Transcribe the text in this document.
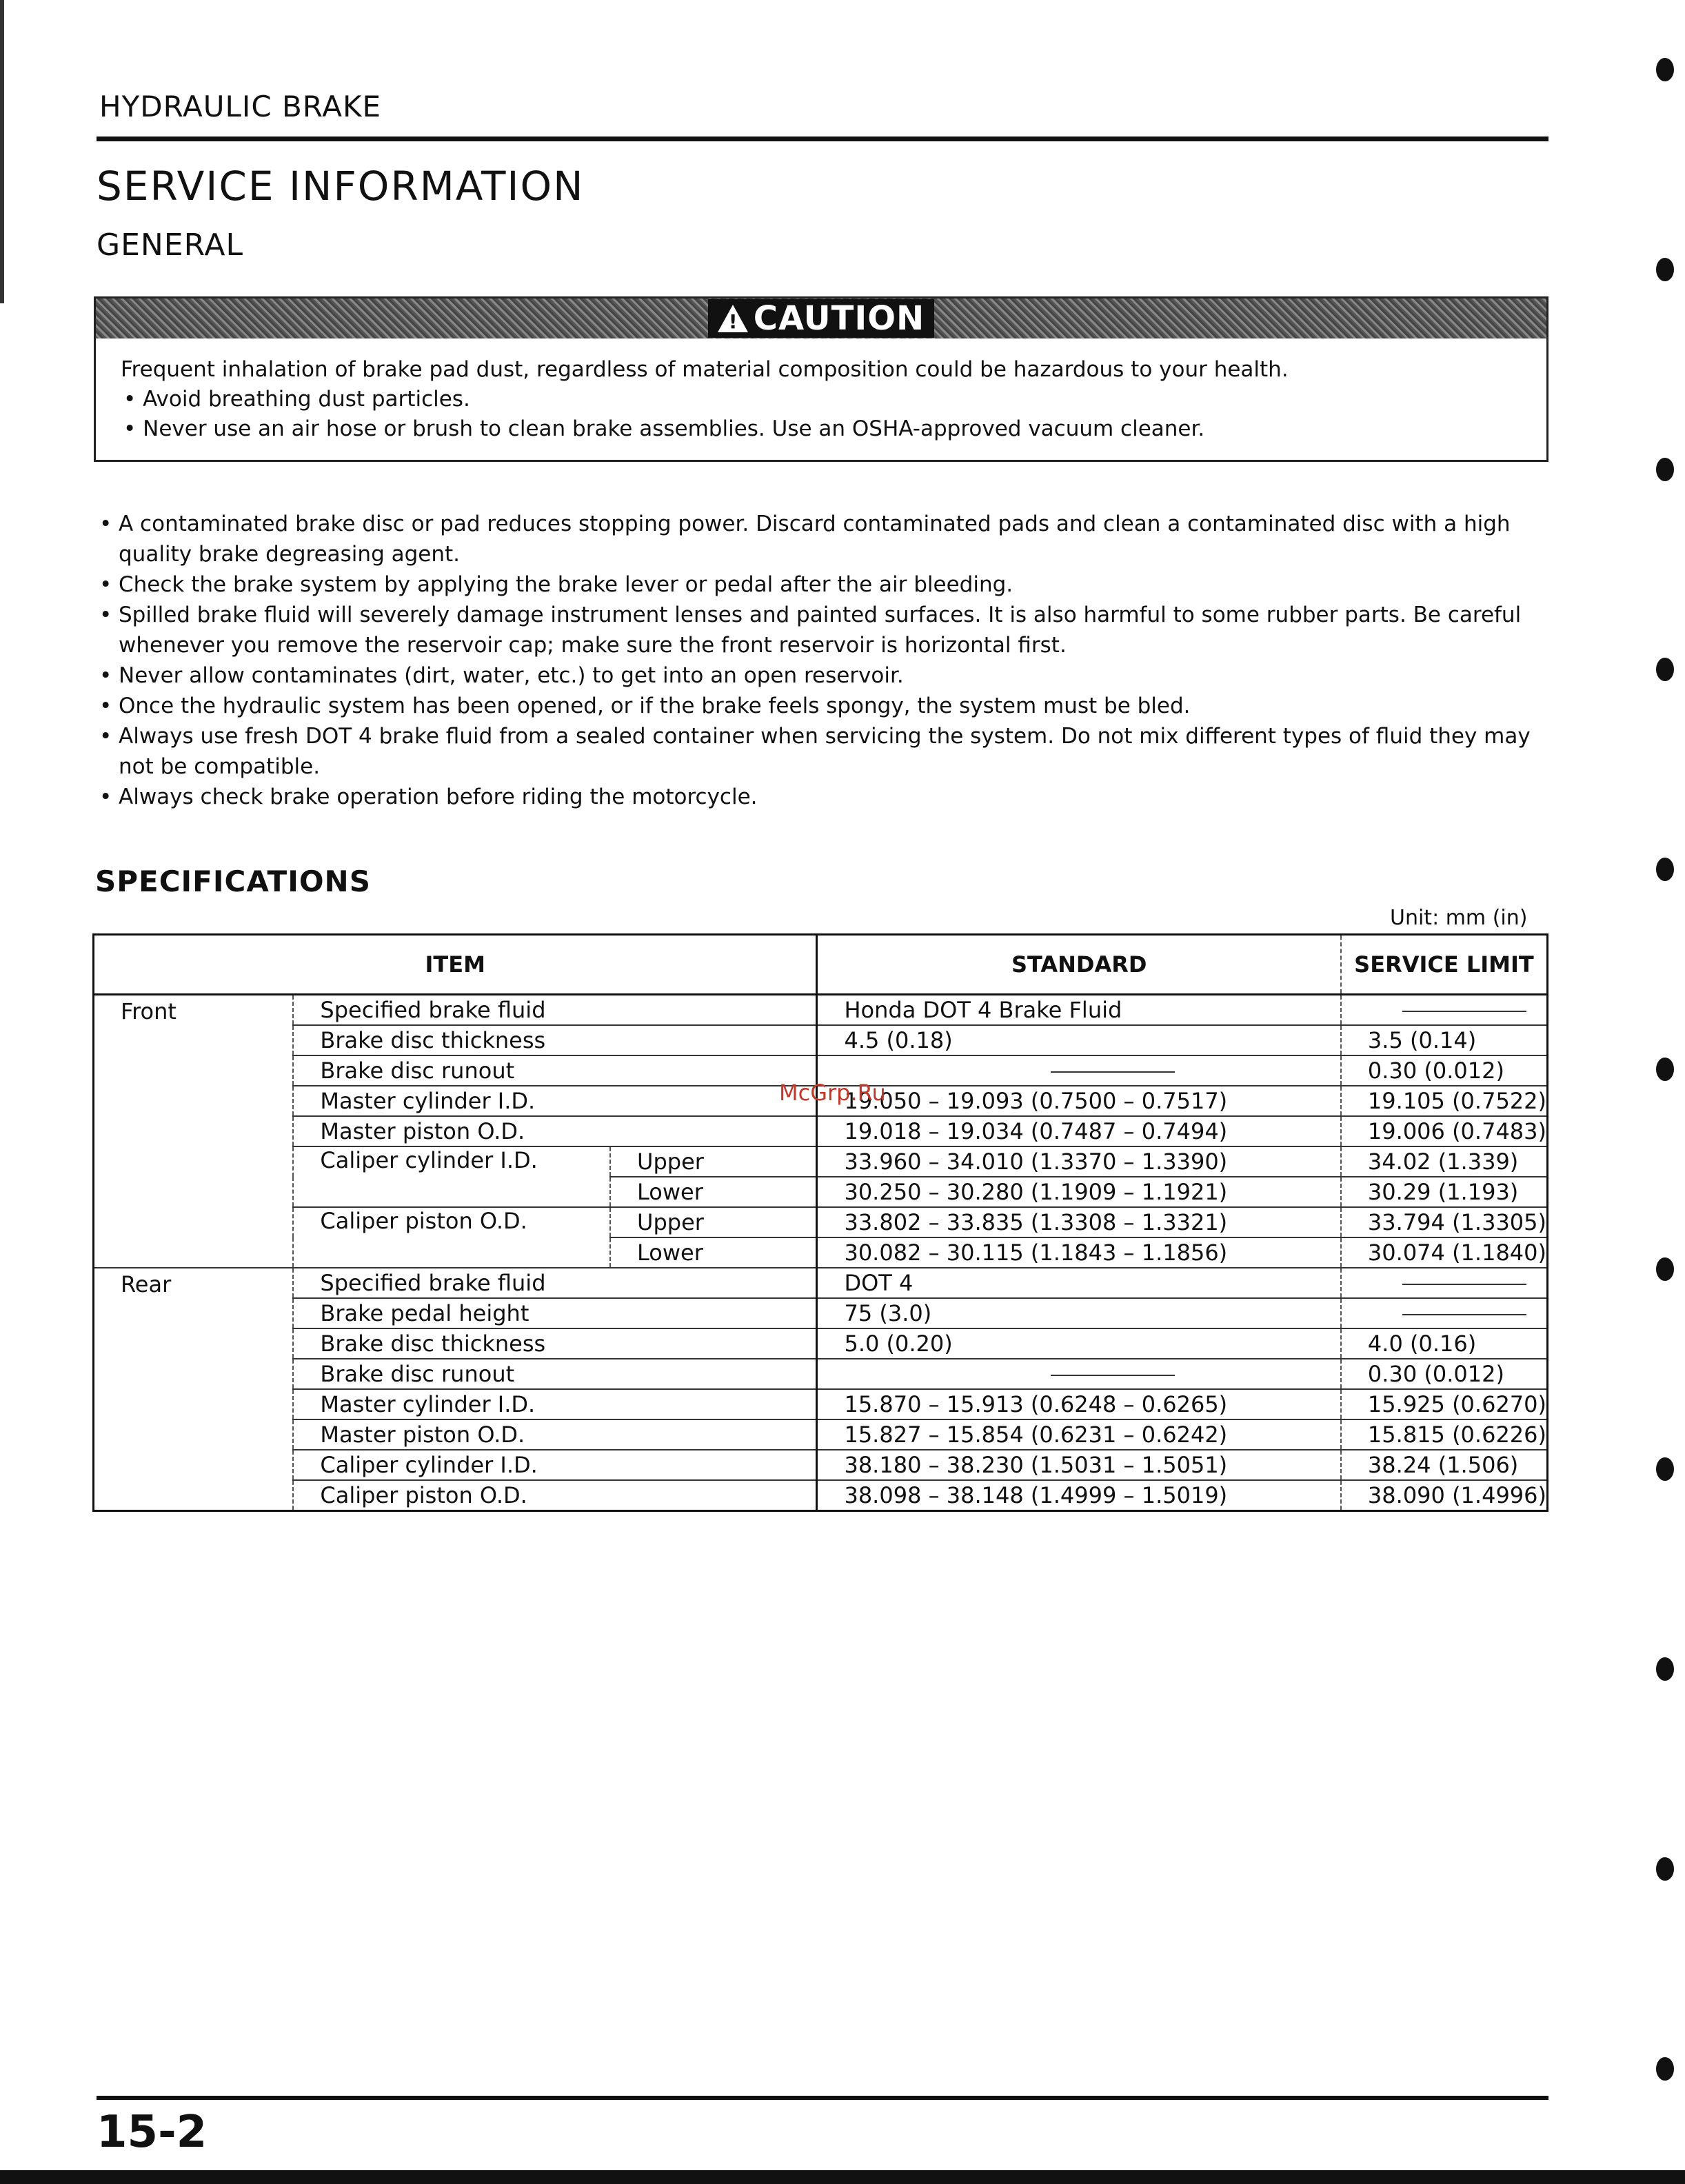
HYDRAULIC BRAKE
SERVICE INFORMATION
GENERAL
! CAUTION
Frequent inhalation of brake pad dust, regardless of material composition could be hazardous to your health.
• Avoid breathing dust particles.
• Never use an air hose or brush to clean brake assemblies. Use an OSHA-approved vacuum cleaner.
• A contaminated brake disc or pad reduces stopping power. Discard contaminated pads and clean a contaminated disc with a high quality brake degreasing agent.
• Check the brake system by applying the brake lever or pedal after the air bleeding.
• Spilled brake fluid will severely damage instrument lenses and painted surfaces. It is also harmful to some rubber parts. Be careful whenever you remove the reservoir cap; make sure the front reservoir is horizontal first.
• Never allow contaminates (dirt, water, etc.) to get into an open reservoir.
• Once the hydraulic system has been opened, or if the brake feels spongy, the system must be bled.
• Always use fresh DOT 4 brake fluid from a sealed container when servicing the system. Do not mix different types of fluid they may not be compatible.
• Always check brake operation before riding the motorcycle.
SPECIFICATIONS
Unit: mm (in)
ITEM			STANDARD	SERVICE LIMIT
Front	Specified brake fluid		Honda DOT 4 Brake Fluid	
	Brake disc thickness		4.5 (0.18)	3.5 (0.14)
	Brake disc runout			0.30 (0.012)
	Master cylinder I.D.		19.050 – 19.093 (0.7500 – 0.7517)	19.105 (0.7522)
	Master piston O.D.		19.018 – 19.034 (0.7487 – 0.7494)	19.006 (0.7483)
	Caliper cylinder I.D.	Upper	33.960 – 34.010 (1.3370 – 1.3390)	34.02 (1.339)
		Lower	30.250 – 30.280 (1.1909 – 1.1921)	30.29 (1.193)
	Caliper piston O.D.	Upper	33.802 – 33.835 (1.3308 – 1.3321)	33.794 (1.3305)
		Lower	30.082 – 30.115 (1.1843 – 1.1856)	30.074 (1.1840)
Rear	Specified brake fluid		DOT 4	
	Brake pedal height		75 (3.0)	
	Brake disc thickness		5.0 (0.20)	4.0 (0.16)
	Brake disc runout			0.30 (0.012)
	Master cylinder I.D.		15.870 – 15.913 (0.6248 – 0.6265)	15.925 (0.6270)
	Master piston O.D.		15.827 – 15.854 (0.6231 – 0.6242)	15.815 (0.6226)
	Caliper cylinder I.D.		38.180 – 38.230 (1.5031 – 1.5051)	38.24 (1.506)
	Caliper piston O.D.		38.098 – 38.148 (1.4999 – 1.5019)	38.090 (1.4996)
McGrp.Ru
15-2
